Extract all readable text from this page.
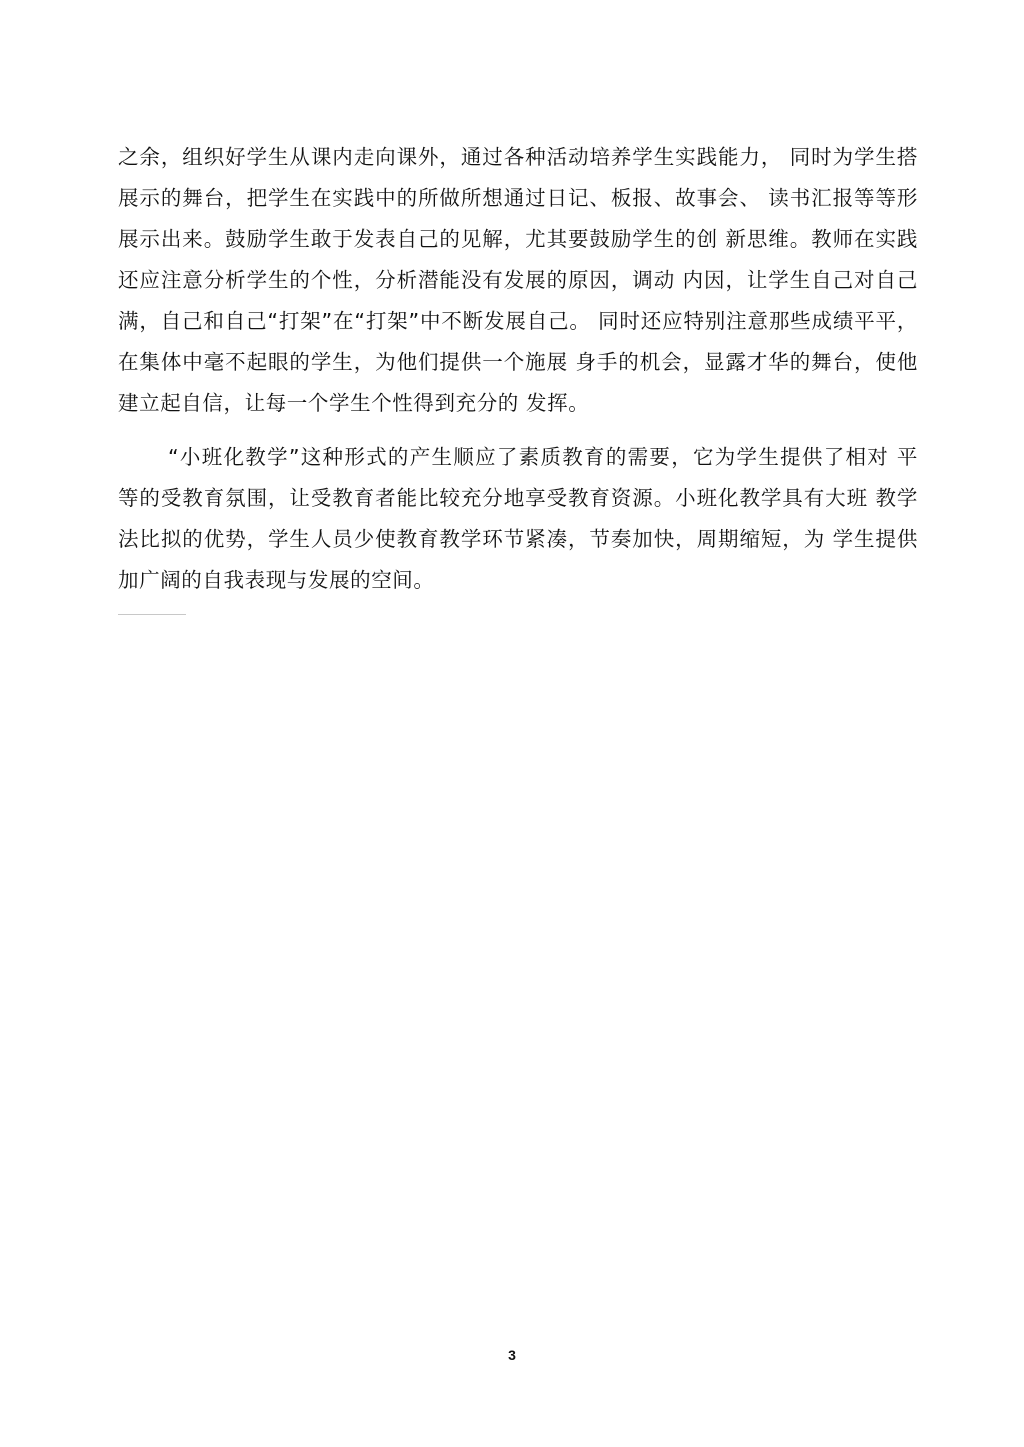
之余，组织好学生从课内走向课外，通过各种活动培养学生实践能力， 同时为学生搭
展示的舞台，把学生在实践中的所做所想通过日记、板报、故事会、 读书汇报等等形
展示出来。鼓励学生敢于发表自己的见解，尤其要鼓励学生的创 新思维。教师在实践
还应注意分析学生的个性，分析潜能没有发展的原因，调动 内因，让学生自己对自己
满，自己和自己“打架”在“打架”中不断发展自己。 同时还应特别注意那些成绩平平，
在集体中毫不起眼的学生，为他们提供一个施展 身手的机会，显露才华的舞台，使他
建立起自信，让每一个学生个性得到充分的 发挥。
“小班化教学”这种形式的产生顺应了素质教育的需要，它为学生提供了相对 平
等的受教育氛围，让受教育者能比较充分地享受教育资源。小班化教学具有大班 教学
法比拟的优势，学生人员少使教育教学环节紧凑，节奏加快，周期缩短，为 学生提供
加广阔的自我表现与发展的空间。
3
